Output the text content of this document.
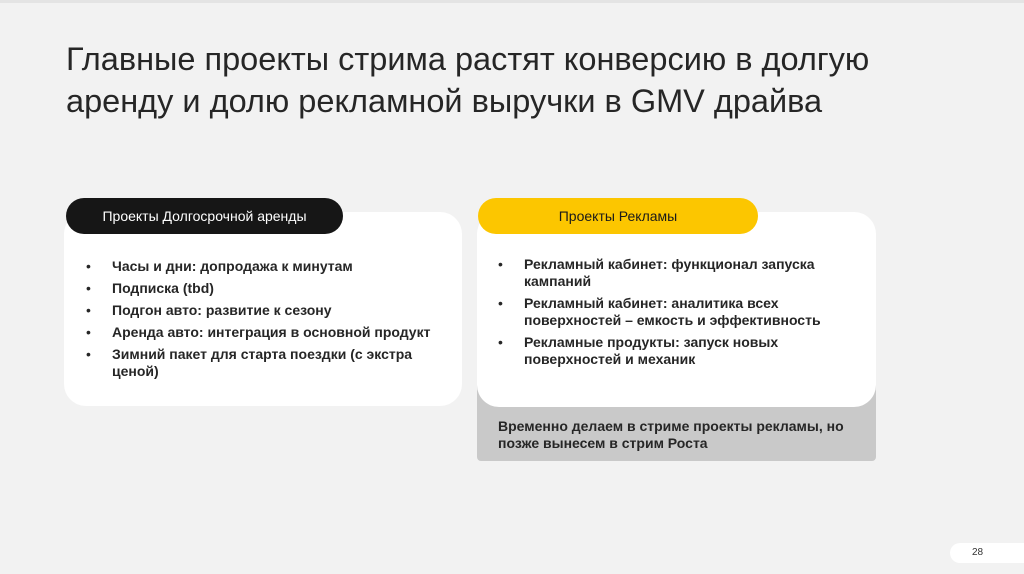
Главные проекты стрима растят конверсию в долгую
аренду и долю рекламной выручки в GMV драйва
Проекты Долгосрочной аренды	Проекты Рекламы
• Часы и дни: допродажа к минутам
• Подписка (tbd)
• Подгон авто: развитие к сезону
• Аренда авто: интеграция в основной продукт
• Зимний пакет для старта поездки (с экстра ценой)
• Рекламный кабинет: функционал запуска кампаний
• Рекламный кабинет: аналитика всех поверхностей – емкость и эффективность
• Рекламные продукты: запуск новых поверхностей и механик
Временно делаем в стриме проекты рекламы, но позже вынесем в стрим Роста
28
